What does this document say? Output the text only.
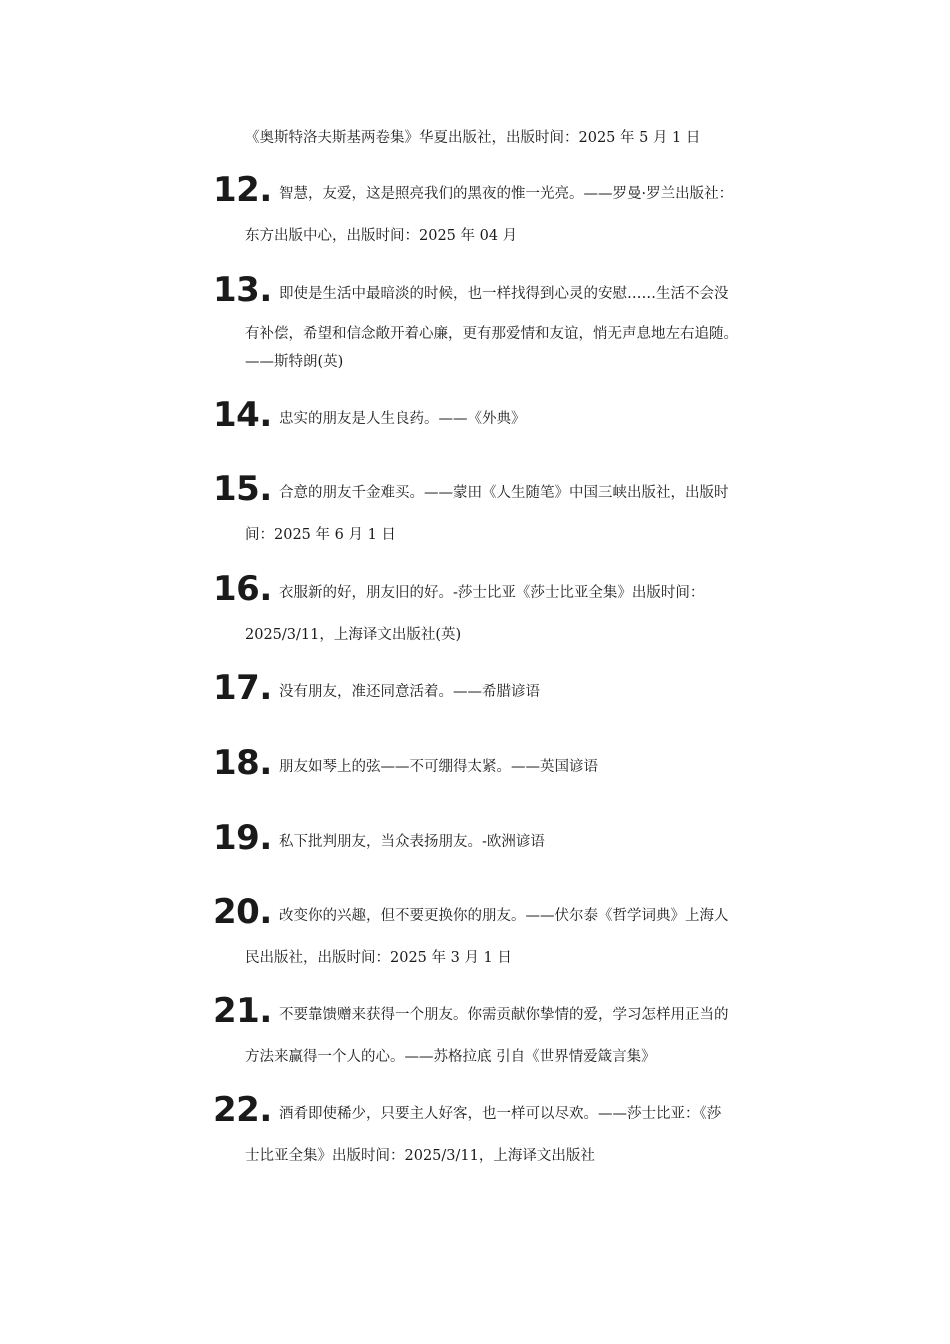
《奥斯特洛夫斯基两卷集》华夏出版社，出版时间：2025 年 5 月 1 日
12. 智慧，友爱，这是照亮我们的黑夜的惟一光亮。——罗曼·罗兰出版社：
东方出版中心，出版时间：2025 年 04 月
13. 即使是生活中最暗淡的时候，也一样找得到心灵的安慰……生活不会没
有补偿，希望和信念敞开着心廉，更有那爱情和友谊，悄无声息地左右追随。
——斯特朗(英)
14. 忠实的朋友是人生良药。——《外典》
15. 合意的朋友千金难买。——蒙田《人生随笔》中国三峡出版社，出版时
间：2025 年 6 月 1 日
16. 衣服新的好，朋友旧的好。-莎士比亚《莎士比亚全集》出版时间：
2025/3/11，上海译文出版社(英)
17. 没有朋友，准还同意活着。——希腊谚语
18. 朋友如琴上的弦——不可绷得太紧。——英国谚语
19. 私下批判朋友，当众表扬朋友。-欧洲谚语
20. 改变你的兴趣，但不要更换你的朋友。——伏尔泰《哲学词典》上海人
民出版社，出版时间：2025 年 3 月 1 日
21. 不要靠馈赠来获得一个朋友。你需贡献你挚情的爱，学习怎样用正当的
方法来赢得一个人的心。——苏格拉底 引自《世界情爱箴言集》
22. 酒肴即使稀少，只要主人好客，也一样可以尽欢。——莎士比亚：《莎
士比亚全集》出版时间：2025/3/11，上海译文出版社
